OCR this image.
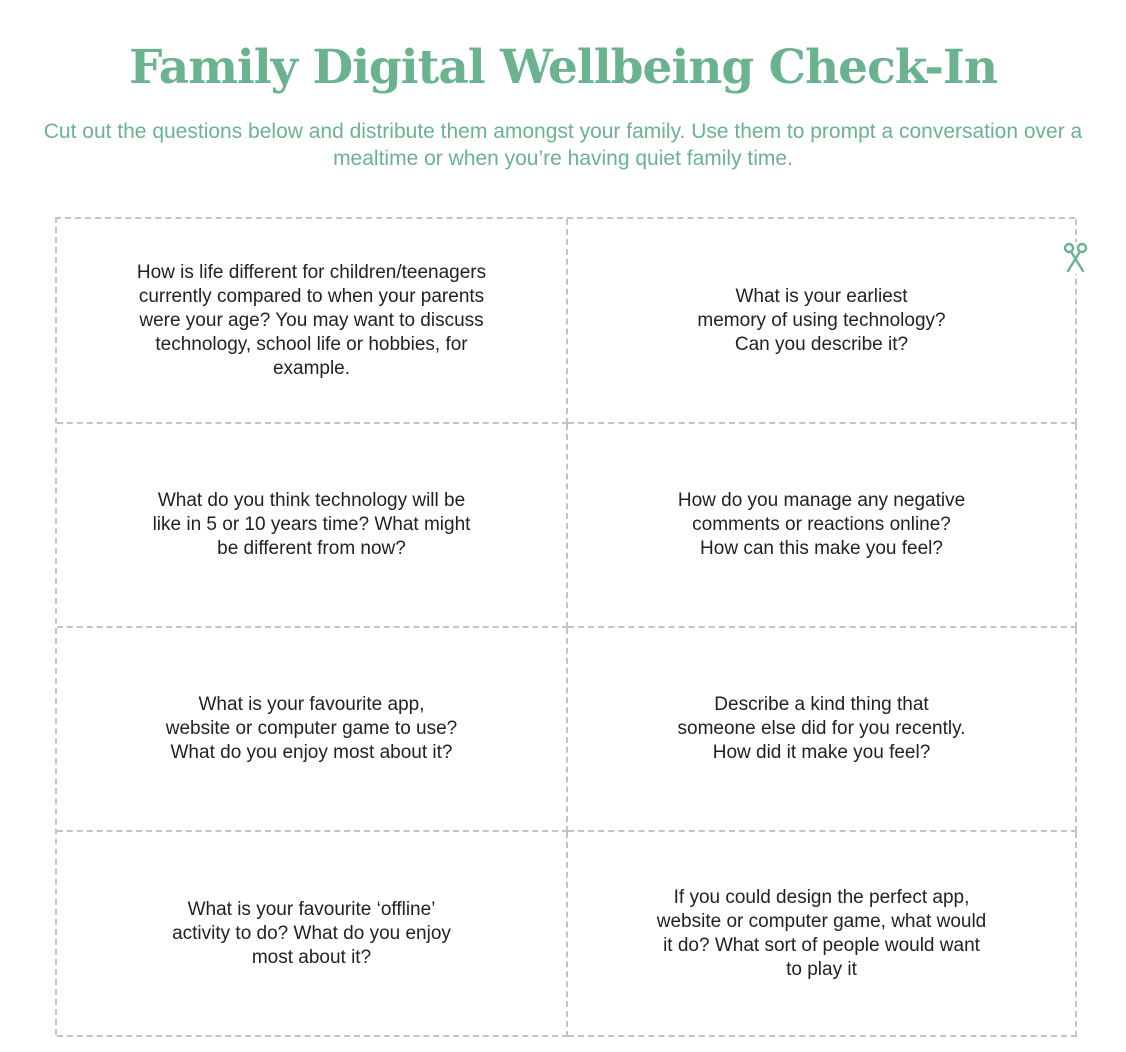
Family Digital Wellbeing Check-In

Cut out the questions below and distribute them amongst your family. Use them to prompt a conversation over a mealtime or when you’re having quiet family time.

How is life different for children/teenagers
currently compared to when your parents
were your age? You may want to discuss
technology, school life or hobbies, for
example.
What is your earliest
memory of using technology?
Can you describe it?
What do you think technology will be
like in 5 or 10 years time? What might
be different from now?
How do you manage any negative
comments or reactions online?
How can this make you feel?
What is your favourite app,
website or computer game to use?
What do you enjoy most about it?
Describe a kind thing that
someone else did for you recently.
How did it make you feel?
What is your favourite ‘offline’
activity to do? What do you enjoy
most about it?
If you could design the perfect app,
website or computer game, what would
it do? What sort of people would want
to play it
